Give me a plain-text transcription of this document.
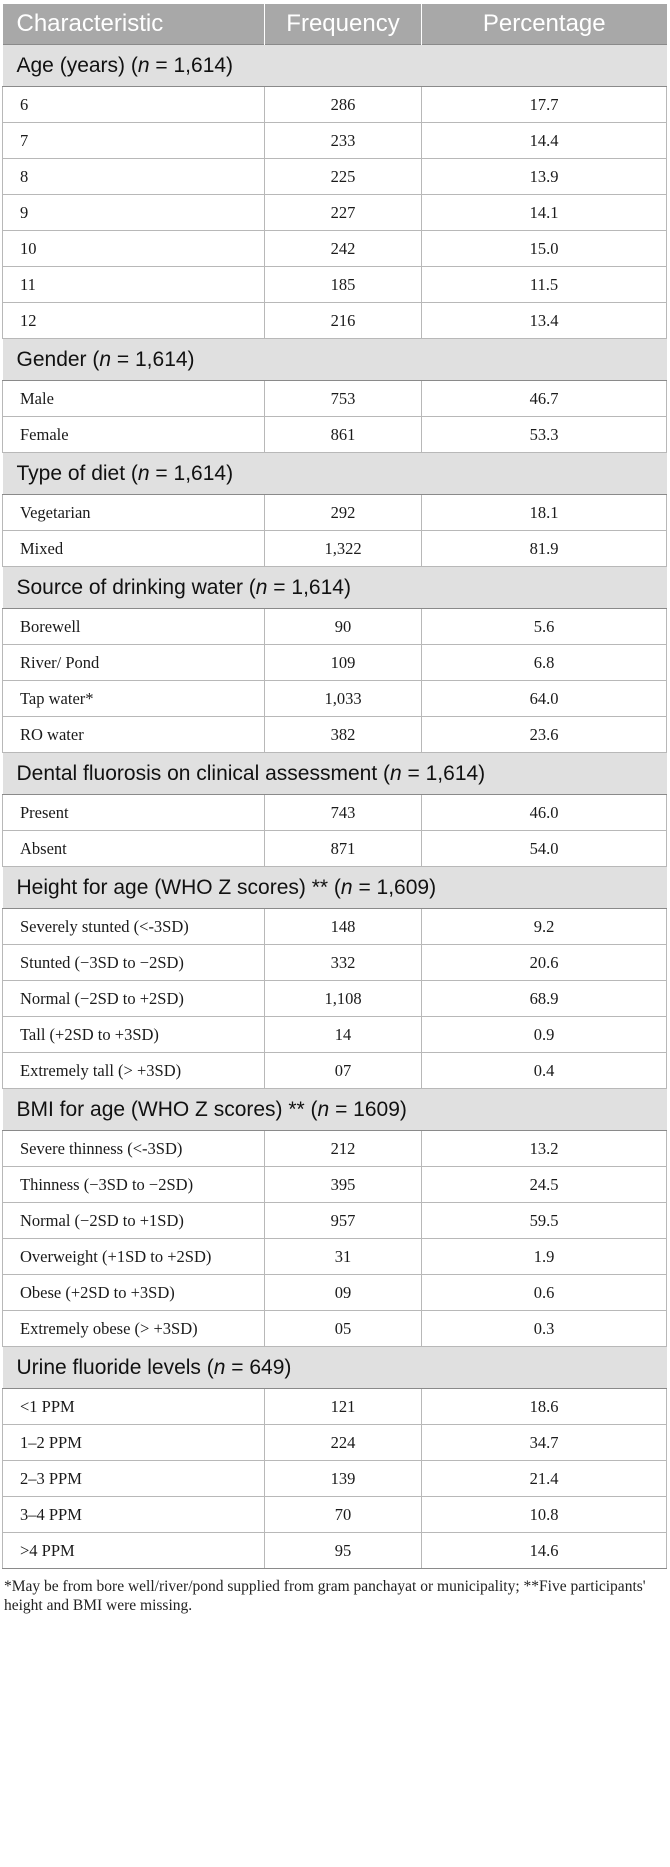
Characteristic	Frequency	Percentage
Age (years) (n = 1,614)		
6	286	17.7
7	233	14.4
8	225	13.9
9	227	14.1
10	242	15.0
11	185	11.5
12	216	13.4
Gender (n = 1,614)		
Male	753	46.7
Female	861	53.3
Type of diet (n = 1,614)		
Vegetarian	292	18.1
Mixed	1,322	81.9
Source of drinking water (n = 1,614)		
Borewell	90	5.6
River/ Pond	109	6.8
Tap water*	1,033	64.0
RO water	382	23.6
Dental fluorosis on clinical assessment (n = 1,614)		
Present	743	46.0
Absent	871	54.0
Height for age (WHO Z scores) ** (n = 1,609)		
Severely stunted (<-3SD)	148	9.2
Stunted (−3SD to −2SD)	332	20.6
Normal (−2SD to +2SD)	1,108	68.9
Tall (+2SD to +3SD)	14	0.9
Extremely tall (> +3SD)	07	0.4
BMI for age (WHO Z scores) ** (n = 1609)		
Severe thinness (<-3SD)	212	13.2
Thinness (−3SD to −2SD)	395	24.5
Normal (−2SD to +1SD)	957	59.5
Overweight (+1SD to +2SD)	31	1.9
Obese (+2SD to +3SD)	09	0.6
Extremely obese (> +3SD)	05	0.3
Urine fluoride levels (n = 649)		
<1 PPM	121	18.6
1–2 PPM	224	34.7
2–3 PPM	139	21.4
3–4 PPM	70	10.8
>4 PPM	95	14.6
*May be from bore well/river/pond supplied from gram panchayat or municipality; **Five participants' height and BMI were missing.
